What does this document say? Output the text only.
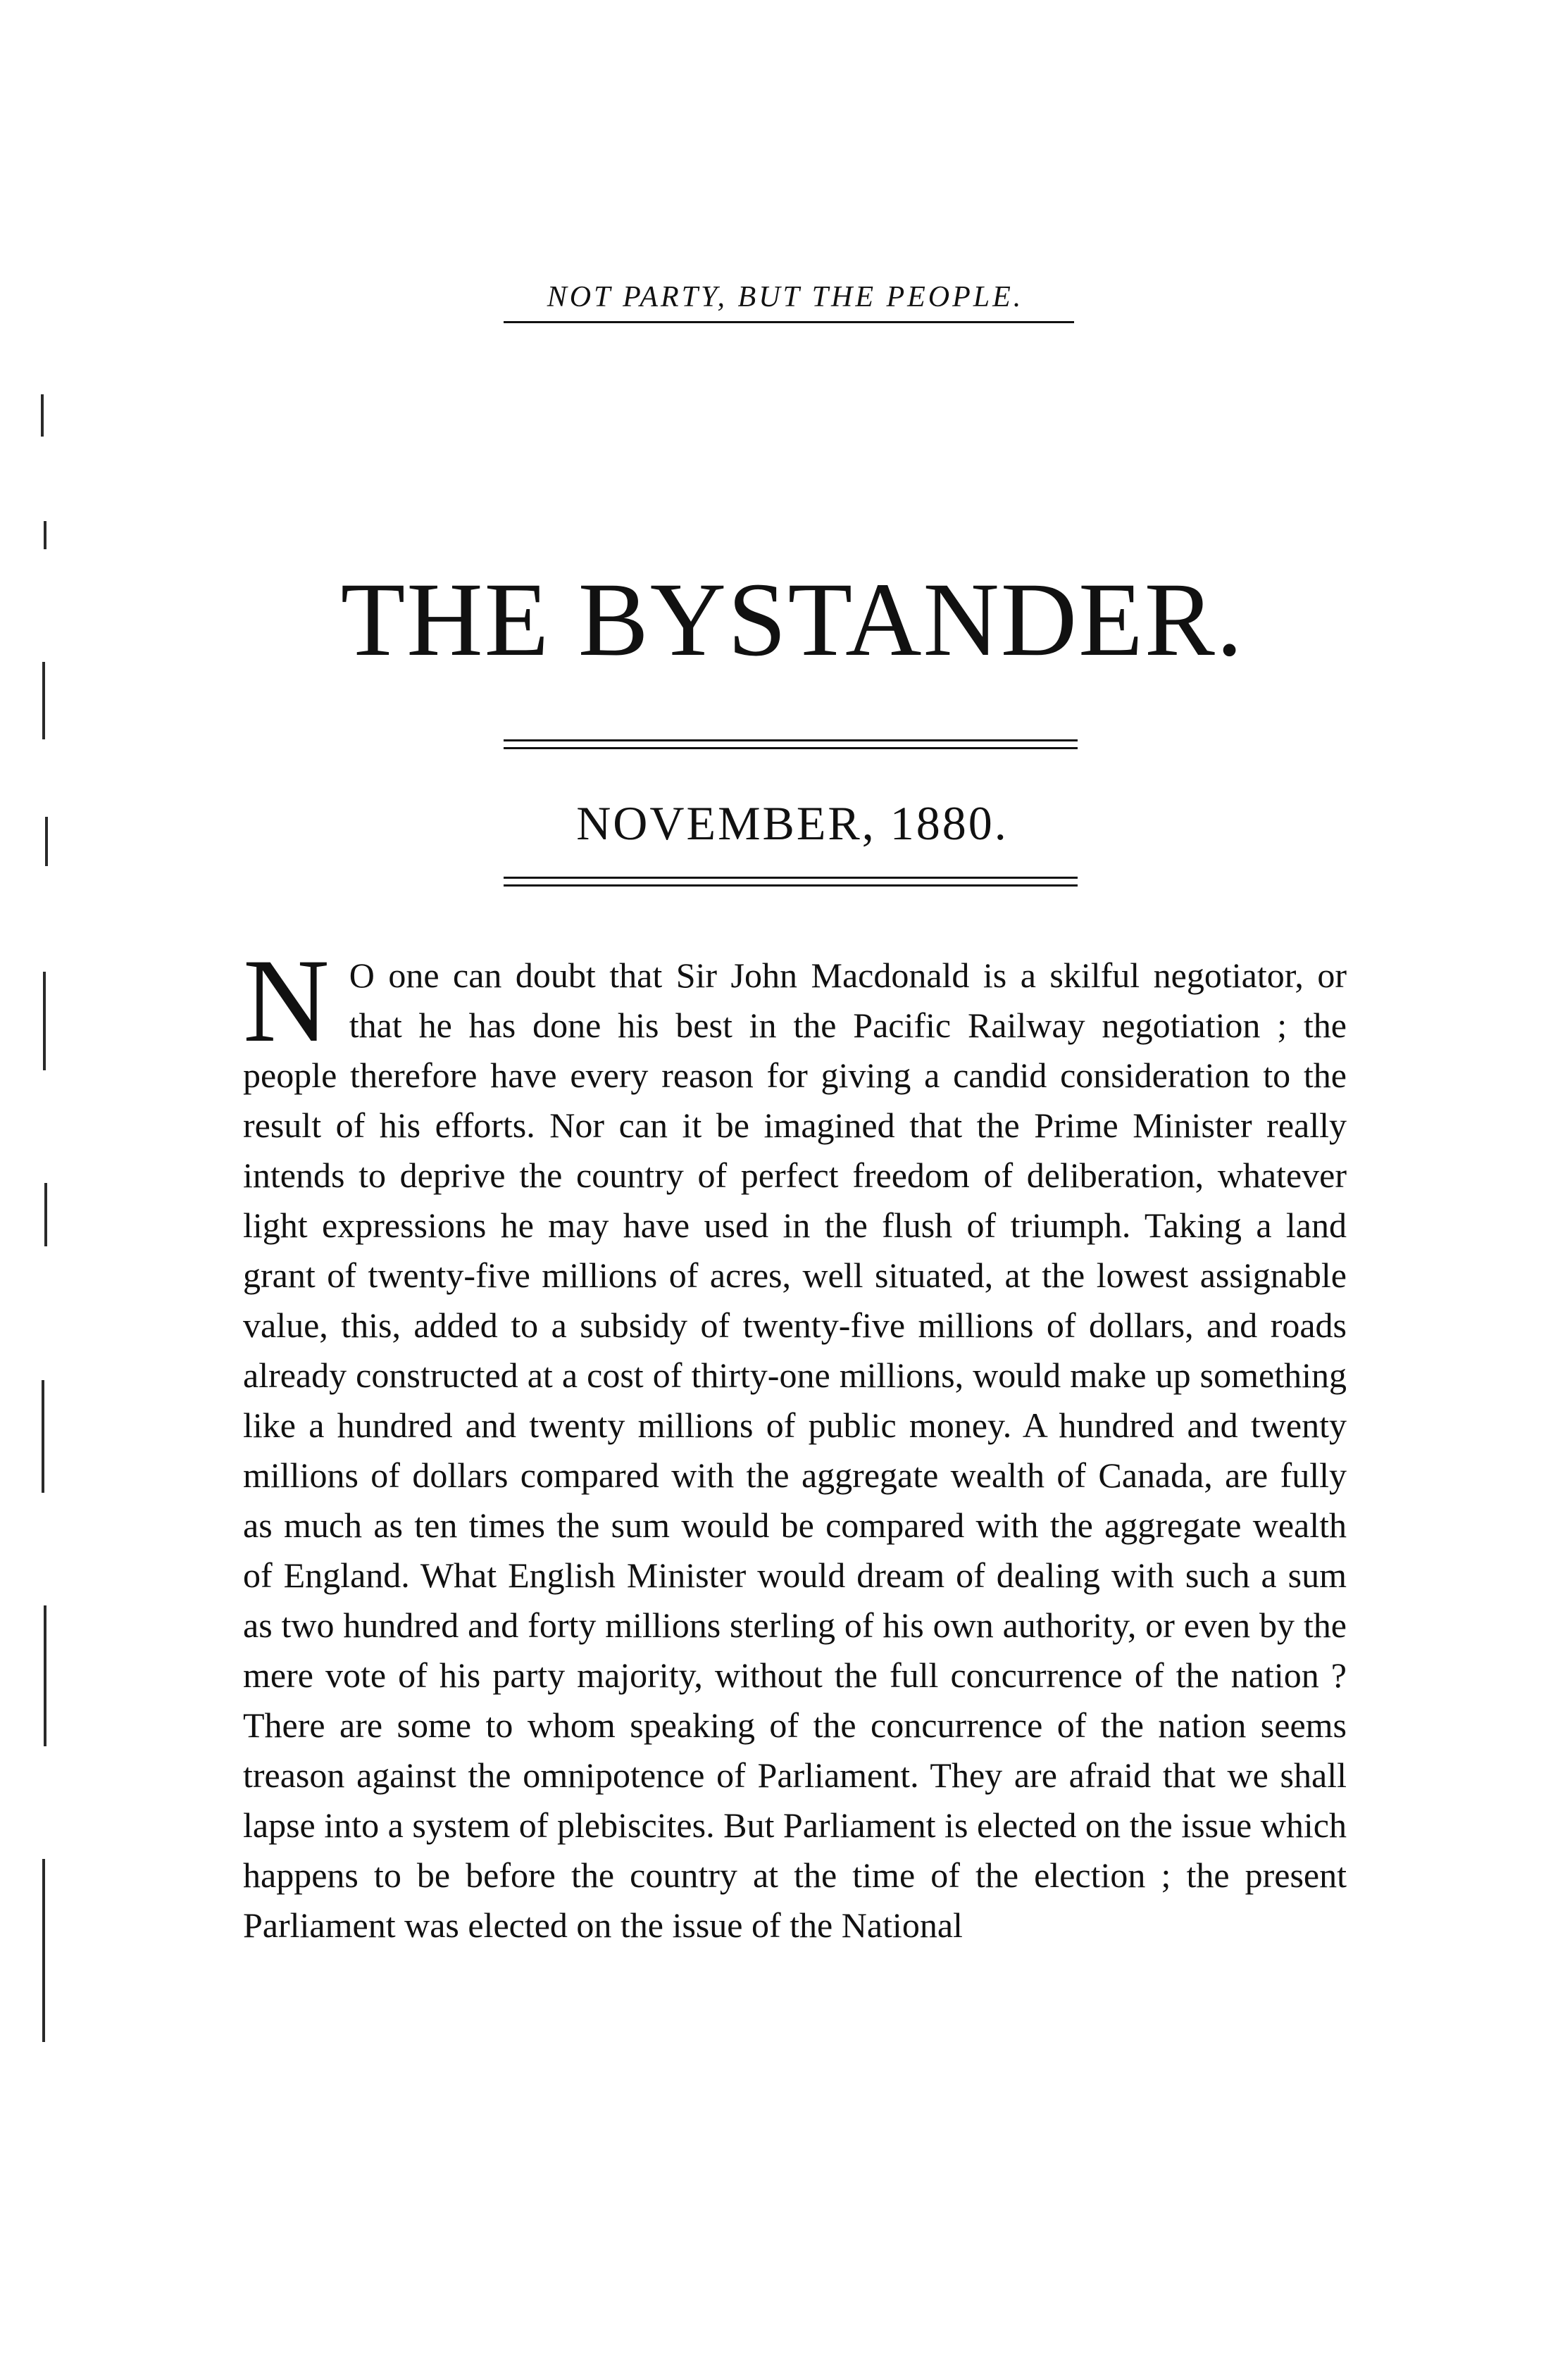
NOT PARTY, BUT THE PEOPLE.
THE BYSTANDER.
NOVEMBER, 1880.

N O one can doubt that Sir John Macdonald is a skilful negotiator, or that he has done his best in the Pacific Railway negotiation ; the people therefore have every reason for giving a candid consideration to the result of his efforts. Nor can it be imagined that the Prime Minister really intends to deprive the country of perfect freedom of deliberation, whatever light expressions he may have used in the flush of triumph. Taking a land grant of twenty-five millions of acres, well situated, at the lowest assignable value, this, added to a subsidy of twenty-five millions of dollars, and roads already constructed at a cost of thirty-one millions, would make up something like a hundred and twenty millions of public money. A hundred and twenty millions of dollars compared with the aggregate wealth of Canada, are fully as much as ten times the sum would be compared with the aggregate wealth of England. What English Minister would dream of dealing with such a sum as two hundred and forty millions sterling of his own authority, or even by the mere vote of his party majority, without the full concurrence of the nation ? There are some to whom speaking of the concurrence of the nation seems treason against the omnipotence of Parliament. They are afraid that we shall lapse into a system of plebiscites. But Parliament is elected on the issue which happens to be before the country at the time of the election ; the present Parliament was elected on the issue of the National
